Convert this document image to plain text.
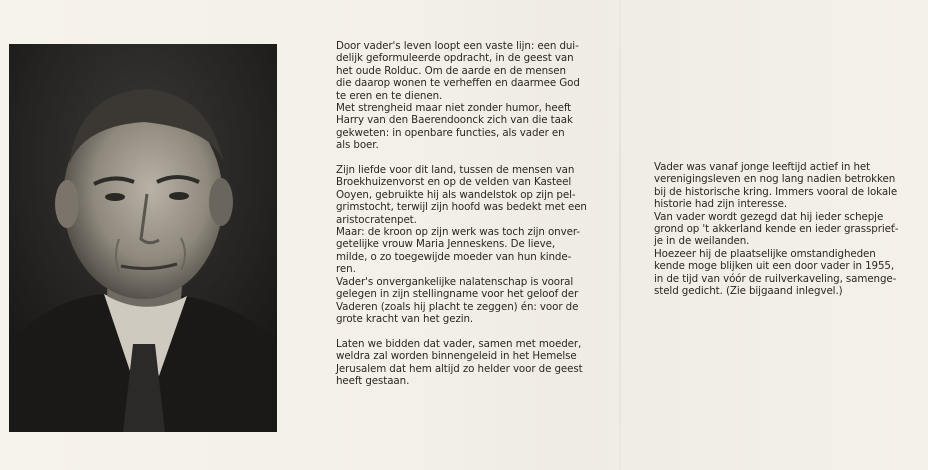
Door vader's leven loopt een vaste lijn: een dui-

delijk geformuleerde opdracht, in de geest van

het oude Rolduc. Om de aarde en de mensen

die daarop wonen te verheffen en daarmee God

te eren en te dienen.

Met strengheid maar niet zonder humor, heeft

Harry van den Baerendoonck zich van die taak

gekweten: in openbare functies, als vader en

als boer.

Zijn liefde voor dit land, tussen de mensen van

Broekhuizenvorst en op de velden van Kasteel

Ooyen, gebruikte hij als wandelstok op zijn pel-

grimstocht, terwijl zijn hoofd was bedekt met een

aristocratenpet.

Maar: de kroon op zijn werk was toch zijn onver-

getelijke vrouw Maria Jenneskens. De lieve,

milde, o zo toegewijde moeder van hun kinde-

ren.

Vader's onvergankelijke nalatenschap is vooral

gelegen in zijn stellingname voor het geloof der

Vaderen (zoals hij placht te zeggen) én: voor de

grote kracht van het gezin.

Laten we bidden dat vader, samen met moeder,

weldra zal worden binnengeleid in het Hemelse

Jerusalem dat hem altijd zo helder voor de geest

heeft gestaan.

Vader was vanaf jonge leeftijd actief in het

verenigingsleven en nog lang nadien betrokken

bij de historische kring. Immers vooral de lokale

historie had zijn interesse.

Van vader wordt gezegd dat hij ieder schepje

grond op 't akkerland kende en ieder grassprieť-

je in de weilanden.

Hoezeer hij de plaatselijke omstandigheden

kende moge blijken uit een door vader in 1955,

in de tijd van vóór de ruilverkaveling, samenge-

steld gedicht. (Zie bijgaand inlegvel.)
